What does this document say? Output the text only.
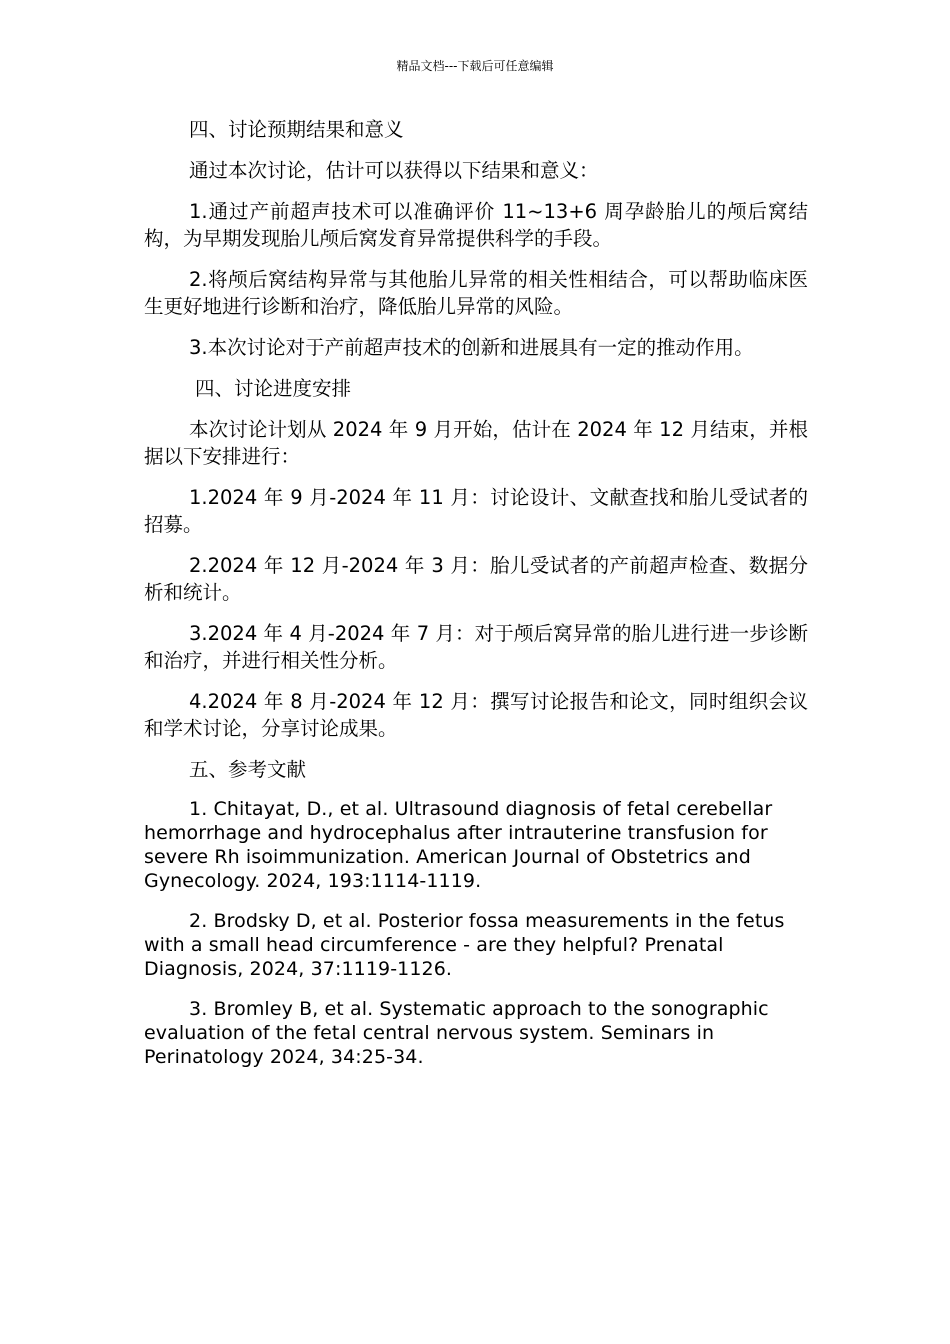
精品文档---下载后可任意编辑
四、讨论预期结果和意义

通过本次讨论，估计可以获得以下结果和意义：

1.通过产前超声技术可以准确评价 11~13+6 周孕龄胎儿的颅后窝结构，为早期发现胎儿颅后窝发育异常提供科学的手段。

2.将颅后窝结构异常与其他胎儿异常的相关性相结合，可以帮助临床医生更好地进行诊断和治疗，降低胎儿异常的风险。

3.本次讨论对于产前超声技术的创新和进展具有一定的推动作用。

四、讨论进度安排

本次讨论计划从 2024 年 9 月开始，估计在 2024 年 12 月结束，并根据以下安排进行：

1.2024 年 9 月-2024 年 11 月：讨论设计、文献查找和胎儿受试者的招募。

2.2024 年 12 月-2024 年 3 月：胎儿受试者的产前超声检查、数据分析和统计。

3.2024 年 4 月-2024 年 7 月：对于颅后窝异常的胎儿进行进一步诊断和治疗，并进行相关性分析。

4.2024 年 8 月-2024 年 12 月：撰写讨论报告和论文，同时组织会议和学术讨论，分享讨论成果。

五、参考文献

1. Chitayat, D., et al. Ultrasound diagnosis of fetal cerebellar hemorrhage and hydrocephalus after intrauterine transfusion for severe Rh isoimmunization. American Journal of Obstetrics and Gynecology. 2024, 193:1114-1119.

2. Brodsky D, et al. Posterior fossa measurements in the fetus with a small head circumference - are they helpful? Prenatal Diagnosis, 2024, 37:1119-1126.

3. Bromley B, et al. Systematic approach to the sonographic evaluation of the fetal central nervous system. Seminars in Perinatology 2024, 34:25-34.
